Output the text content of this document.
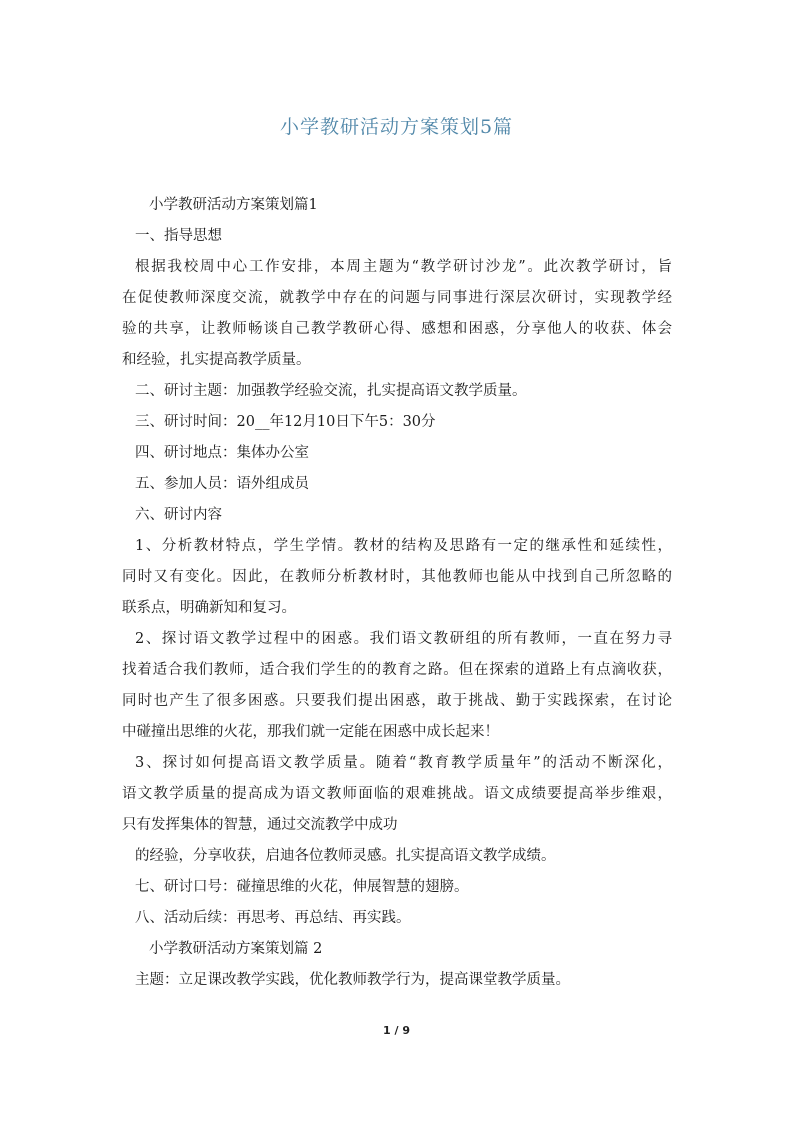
小学教研活动方案策划5篇
小学教研活动方案策划篇1
一、指导思想
根据我校周中心工作安排，本周主题为“教学研讨沙龙”。此次教学研讨，旨
在促使教师深度交流，就教学中存在的问题与同事进行深层次研讨，实现教学经
验的共享，让教师畅谈自己教学教研心得、感想和困惑，分享他人的收获、体会
和经验，扎实提高教学质量。
二、研讨主题：加强教学经验交流，扎实提高语文教学质量。
三、研讨时间：20__年12月10日下午5：30分
四、研讨地点：集体办公室
五、参加人员：语外组成员
六、研讨内容
1、分析教材特点，学生学情。教材的结构及思路有一定的继承性和延续性，
同时又有变化。因此，在教师分析教材时，其他教师也能从中找到自己所忽略的
联系点，明确新知和复习。
2、探讨语文教学过程中的困惑。我们语文教研组的所有教师，一直在努力寻
找着适合我们教师，适合我们学生的的教育之路。但在探索的道路上有点滴收获，
同时也产生了很多困惑。只要我们提出困惑，敢于挑战、勤于实践探索，在讨论
中碰撞出思维的火花，那我们就一定能在困惑中成长起来！
3、探讨如何提高语文教学质量。随着“教育教学质量年”的活动不断深化，
语文教学质量的提高成为语文教师面临的艰难挑战。语文成绩要提高举步维艰，
只有发挥集体的智慧，通过交流教学中成功
的经验，分享收获，启迪各位教师灵感。扎实提高语文教学成绩。
七、研讨口号：碰撞思维的火花，伸展智慧的翅膀。
八、活动后续：再思考、再总结、再实践。
小学教研活动方案策划篇 2
主题：立足课改教学实践，优化教师教学行为，提高课堂教学质量。
1 / 9
